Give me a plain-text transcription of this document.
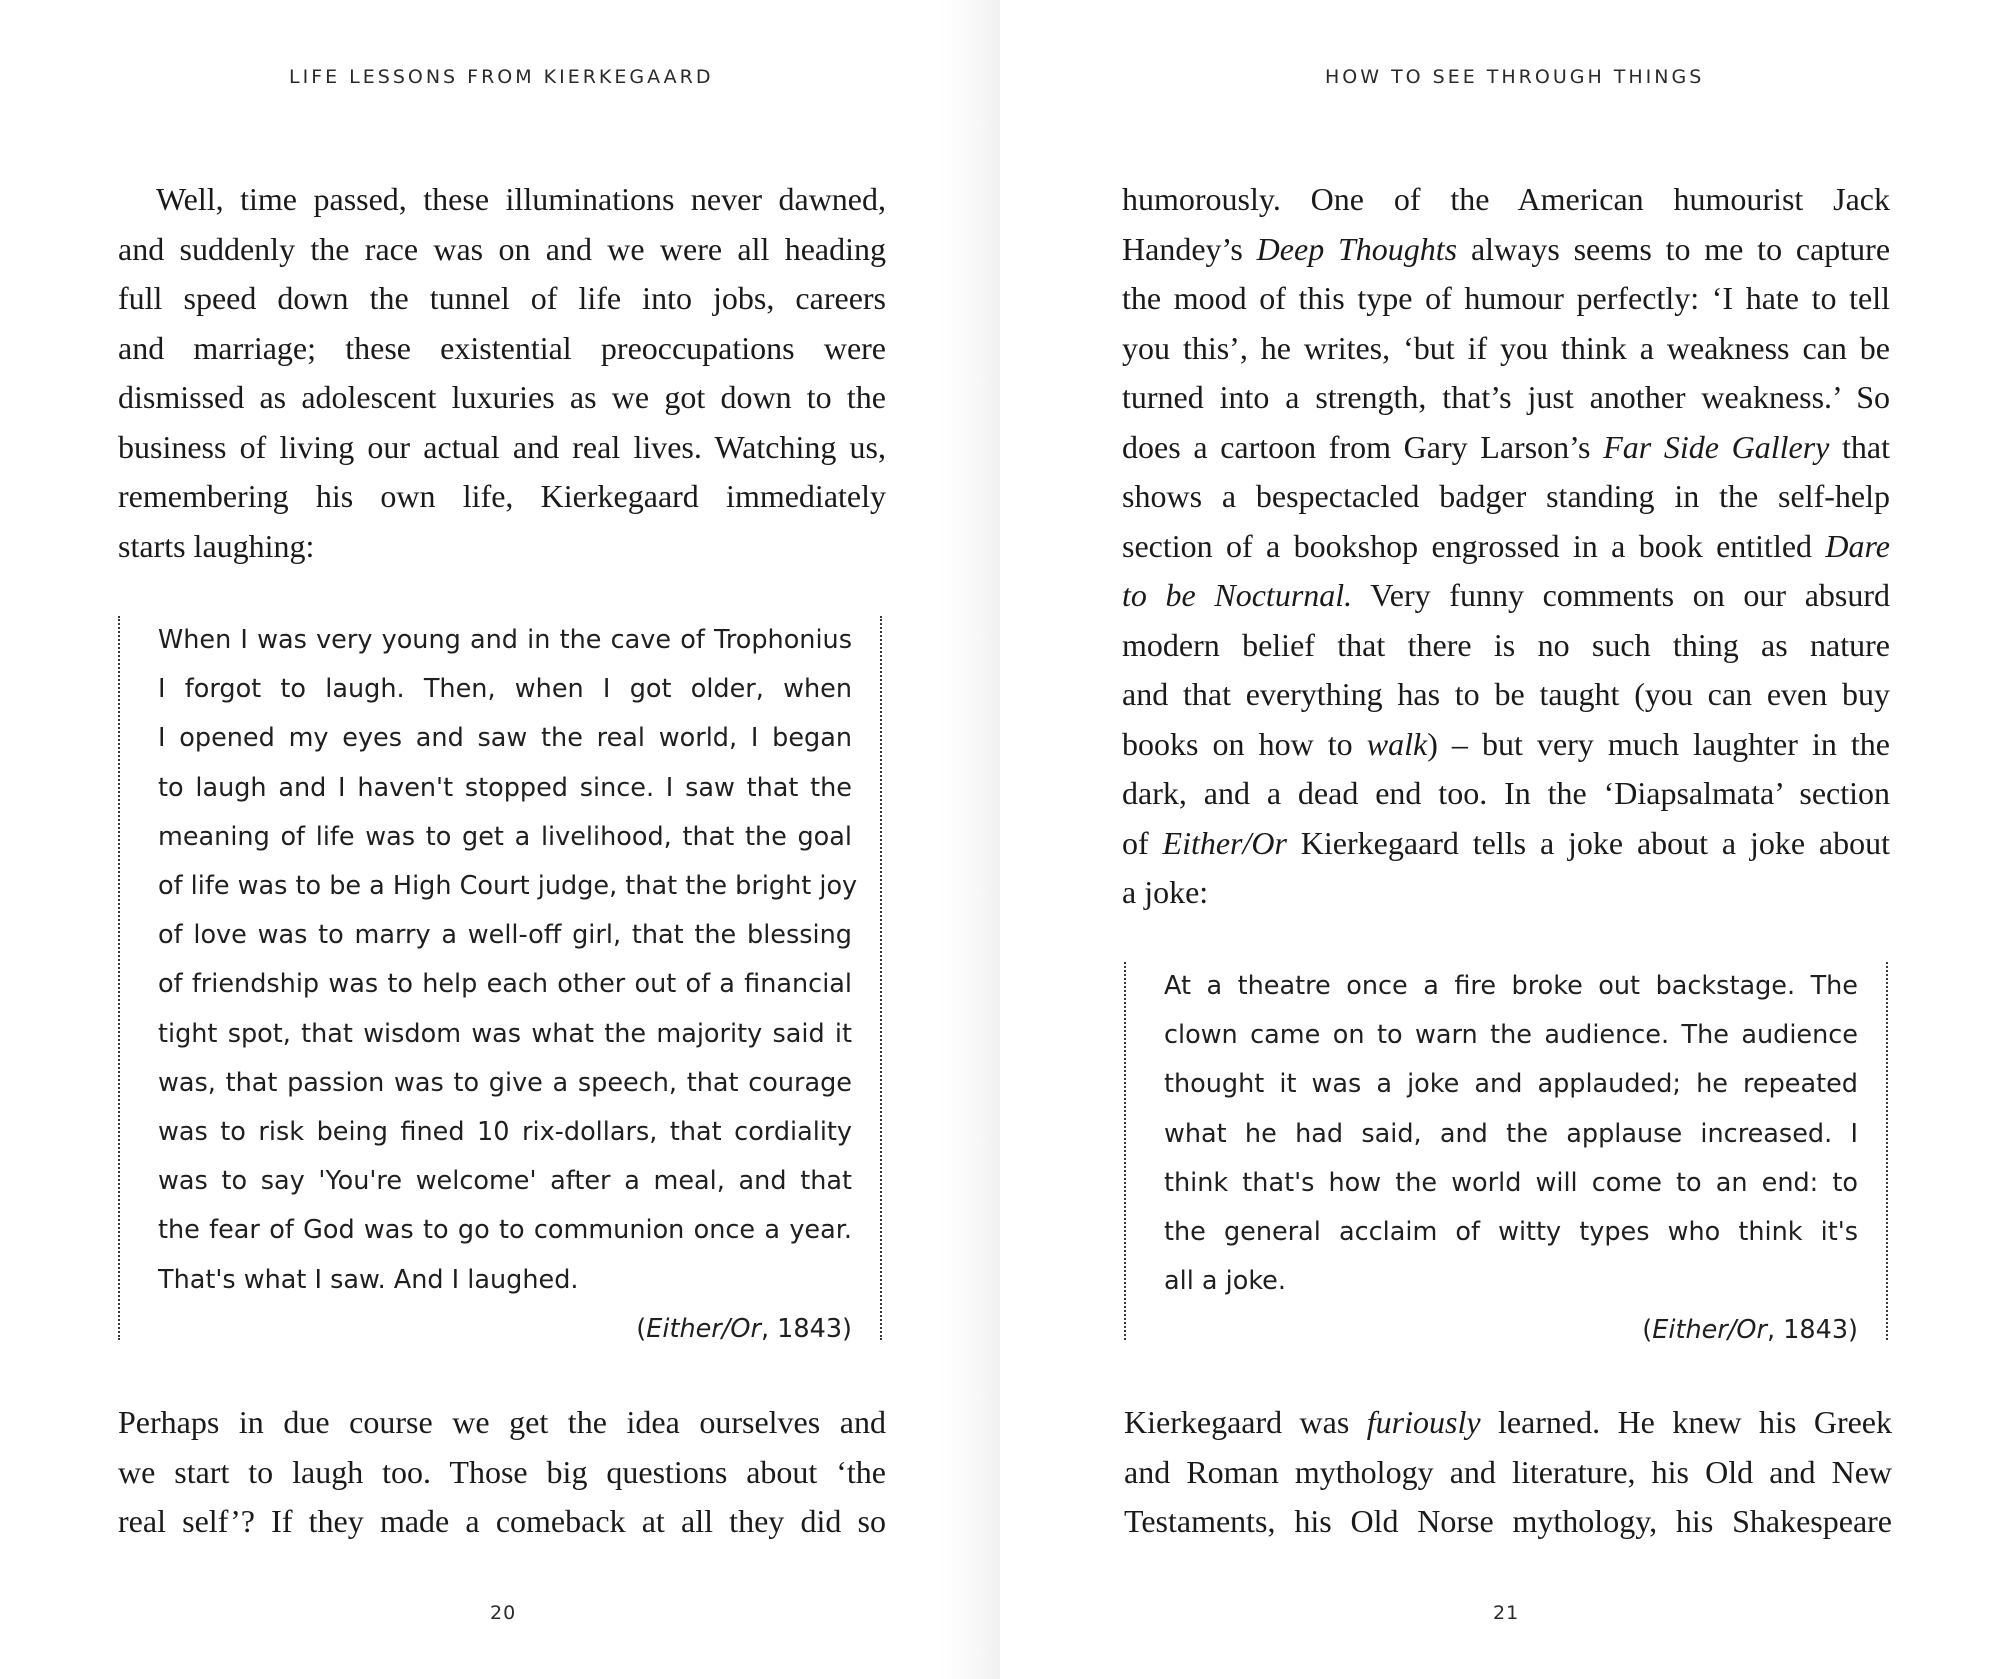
LIFE LESSONS FROM KIERKEGAARD
Well, time passed, these illuminations never dawned,
and suddenly the race was on and we were all heading
full speed down the tunnel of life into jobs, careers
and marriage; these existential preoccupations were
dismissed as adolescent luxuries as we got down to the
business of living our actual and real lives. Watching us,
remembering his own life, Kierkegaard immediately
starts laughing:
When I was very young and in the cave of Trophonius
I forgot to laugh. Then, when I got older, when
I opened my eyes and saw the real world, I began
to laugh and I haven't stopped since. I saw that the
meaning of life was to get a livelihood, that the goal
of life was to be a High Court judge, that the bright joy
of love was to marry a well-off girl, that the blessing
of friendship was to help each other out of a financial
tight spot, that wisdom was what the majority said it
was, that passion was to give a speech, that courage
was to risk being fined 10 rix-dollars, that cordiality
was to say 'You're welcome' after a meal, and that
the fear of God was to go to communion once a year.
That's what I saw. And I laughed.
(Either/Or, 1843)
Perhaps in due course we get the idea ourselves and
we start to laugh too. Those big questions about ‘the
real self’? If they made a comeback at all they did so
20
HOW TO SEE THROUGH THINGS
humorously. One of the American humourist Jack
Handey’s Deep Thoughts always seems to me to capture
the mood of this type of humour perfectly: ‘I hate to tell
you this’, he writes, ‘but if you think a weakness can be
turned into a strength, that’s just another weakness.’ So
does a cartoon from Gary Larson’s Far Side Gallery that
shows a bespectacled badger standing in the self-help
section of a bookshop engrossed in a book entitled Dare
to be Nocturnal. Very funny comments on our absurd
modern belief that there is no such thing as nature
and that everything has to be taught (you can even buy
books on how to walk) – but very much laughter in the
dark, and a dead end too. In the ‘Diapsalmata’ section
of Either/Or Kierkegaard tells a joke about a joke about
a joke:
At a theatre once a fire broke out backstage. The
clown came on to warn the audience. The audience
thought it was a joke and applauded; he repeated
what he had said, and the applause increased. I
think that's how the world will come to an end: to
the general acclaim of witty types who think it's
all a joke.
(Either/Or, 1843)
Kierkegaard was furiously learned. He knew his Greek
and Roman mythology and literature, his Old and New
Testaments, his Old Norse mythology, his Shakespeare
21
